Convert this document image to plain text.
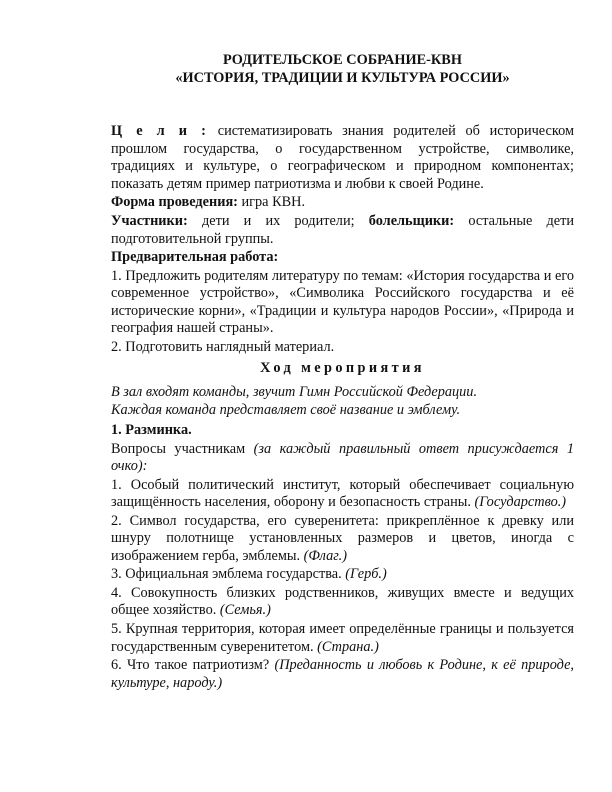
РОДИТЕЛЬСКОЕ СОБРАНИЕ-КВН
«ИСТОРИЯ, ТРАДИЦИИ И КУЛЬТУРА РОССИИ»

Ц е л и : систематизировать знания родителей об историческом прошлом государства, о государственном устройстве, символике, традициях и культуре, о географическом и природном компонентах; показать детям пример патриотизма и любви к своей Родине.

Форма проведения: игра КВН.

Участники: дети и их родители; болельщики: остальные дети подготовительной группы.

Предварительная работа:

1. Предложить родителям литературу по темам: «История государства и его современное устройство», «Символика Российского государства и её исторические корни», «Традиции и культура народов России», «Природа и география нашей страны».

2. Подготовить наглядный материал.

Ход мероприятия

В зал входят команды, звучит Гимн Российской Федерации.

Каждая команда представляет своё название и эмблему.

1. Разминка.

Вопросы участникам (за каждый правильный ответ присуждается 1 очко):

1. Особый политический институт, который обеспечивает социальную защищённость населения, оборону и безопасность страны. (Государство.)

2. Символ государства, его суверенитета: прикреплённое к древку или шнуру полотнище установленных размеров и цветов, иногда с изображением герба, эмблемы. (Флаг.)

3. Официальная эмблема государства. (Герб.)

4. Совокупность близких родственников, живущих вместе и ведущих общее хозяйство. (Семья.)

5. Крупная территория, которая имеет определённые границы и пользуется государственным суверенитетом. (Страна.)

6. Что такое патриотизм? (Преданность и любовь к Родине, к её природе, культуре, народу.)
